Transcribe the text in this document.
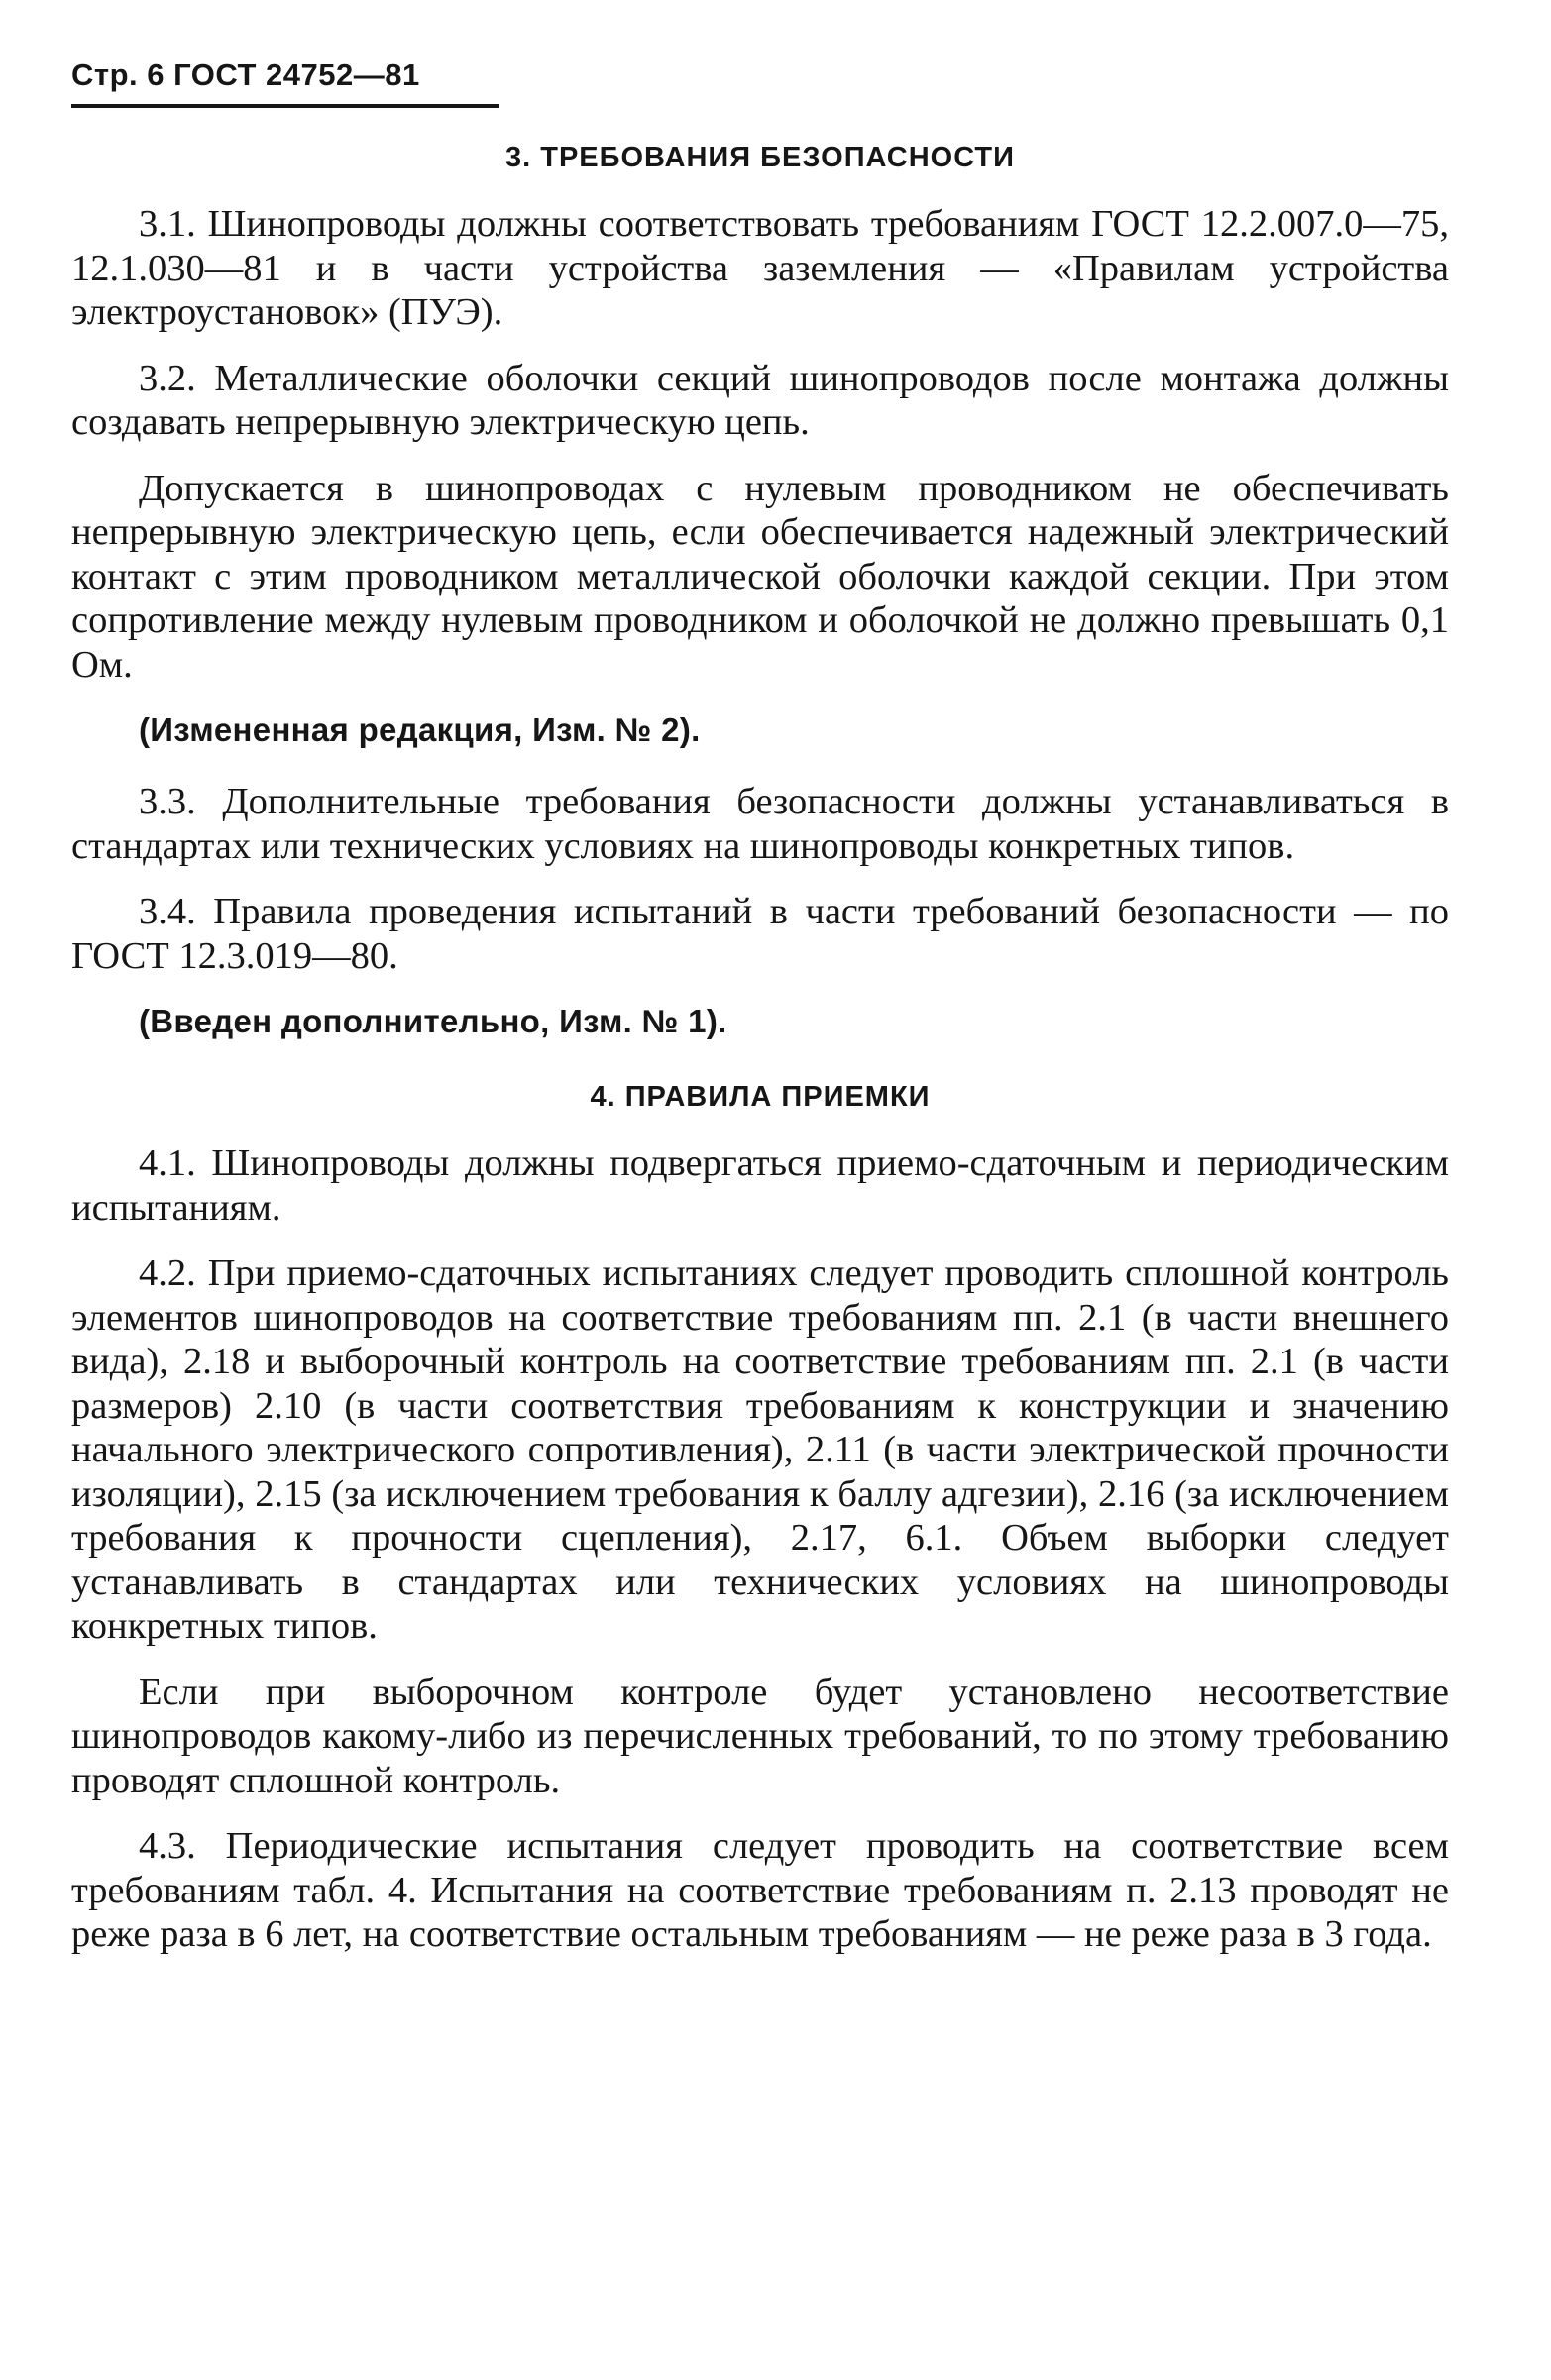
Стр. 6 ГОСТ 24752—81
3. ТРЕБОВАНИЯ БЕЗОПАСНОСТИ

3.1. Шинопроводы должны соответствовать требованиям ГОСТ 12.2.007.0—75, 12.1.030—81 и в части устройства заземления — «Правилам устройства электроустановок» (ПУЭ).

3.2. Металлические оболочки секций шинопроводов после монтажа должны создавать непрерывную электрическую цепь.

Допускается в шинопроводах с нулевым проводником не обеспечивать непрерывную электрическую цепь, если обеспечивается надежный электрический контакт с этим проводником металлической оболочки каждой секции. При этом сопротивление между нулевым проводником и оболочкой не должно превышать 0,1 Ом.

(Измененная редакция, Изм. № 2).

3.3. Дополнительные требования безопасности должны устанавливаться в стандартах или технических условиях на шинопроводы конкретных типов.

3.4. Правила проведения испытаний в части требований безопасности — по ГОСТ 12.3.019—80.

(Введен дополнительно, Изм. № 1).

4. ПРАВИЛА ПРИЕМКИ

4.1. Шинопроводы должны подвергаться приемо-сдаточным и периодическим испытаниям.

4.2. При приемо-сдаточных испытаниях следует проводить сплошной контроль элементов шинопроводов на соответствие требованиям пп. 2.1 (в части внешнего вида), 2.18 и выборочный контроль на соответствие требованиям пп. 2.1 (в части размеров) 2.10 (в части соответствия требованиям к конструкции и значению начального электрического сопротивления), 2.11 (в части электрической прочности изоляции), 2.15 (за исключением требования к баллу адгезии), 2.16 (за исключением требования к прочности сцепления), 2.17, 6.1. Объем выборки следует устанавливать в стандартах или технических условиях на шинопроводы конкретных типов.

Если при выборочном контроле будет установлено несоответствие шинопроводов какому-либо из перечисленных требований, то по этому требованию проводят сплошной контроль.

4.3. Периодические испытания следует проводить на соответствие всем требованиям табл. 4. Испытания на соответствие требованиям п. 2.13 проводят не реже раза в 6 лет, на соответствие остальным требованиям — не реже раза в 3 года.
